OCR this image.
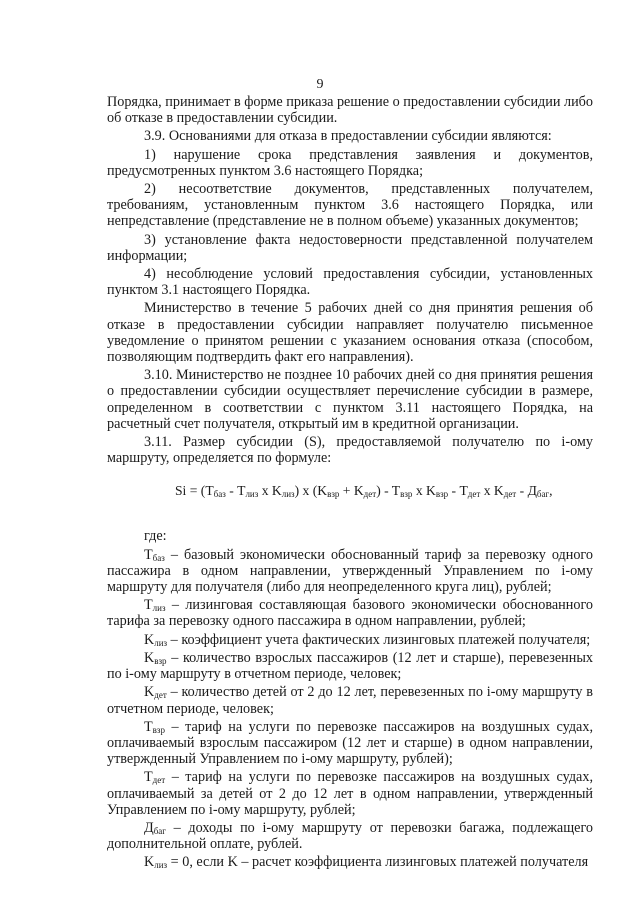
9

Порядка, принимает в форме приказа решение о предоставлении субсидии либо об отказе в предоставлении субсидии.

3.9. Основаниями для отказа в предоставлении субсидии являются:

1) нарушение срока представления заявления и документов, предусмотренных пунктом 3.6 настоящего Порядка;

2) несоответствие документов, представленных получателем, требованиям, установленным пунктом 3.6 настоящего Порядка, или непредставление (представление не в полном объеме) указанных документов;

3) установление факта недостоверности представленной получателем информации;

4) несоблюдение условий предоставления субсидии, установленных пунктом 3.1 настоящего Порядка.

Министерство в течение 5 рабочих дней со дня принятия решения об отказе в предоставлении субсидии направляет получателю письменное уведомление о принятом решении с указанием основания отказа (способом, позволяющим подтвердить факт его направления).

3.10. Министерство не позднее 10 рабочих дней со дня принятия решения о предоставлении субсидии осуществляет перечисление субсидии в размере, определенном в соответствии с пунктом 3.11 настоящего Порядка, на расчетный счет получателя, открытый им в кредитной организации.

3.11. Размер субсидии (S), предоставляемой получателю по i-ому маршруту, определяется по формуле:

$Si = (T_{баз} - T_{лиз}$ x $K_{лиз}$) x $(K_{взр} + K_{дет}) - T_{взр}$ x $K_{взр} - T_{дет}$ x $K_{дет} - Д_{баг}$,

где:

$T_{баз}$ – базовый экономически обоснованный тариф за перевозку одного пассажира в одном направлении, утвержденный Управлением по i-ому маршруту для получателя (либо для неопределенного круга лиц), рублей;

$T_{лиз}$ – лизинговая составляющая базового экономически обоснованного тарифа за перевозку одного пассажира в одном направлении, рублей;

$K_{лиз}$ – коэффициент учета фактических лизинговых платежей получателя;

$K_{взр}$ – количество взрослых пассажиров (12 лет и старше), перевезенных по i-ому маршруту в отчетном периоде, человек;

$K_{дет}$ – количество детей от 2 до 12 лет, перевезенных по i-ому маршруту в отчетном периоде, человек;

$T_{взр}$ – тариф на услуги по перевозке пассажиров на воздушных судах, оплачиваемый взрослым пассажиром (12 лет и старше) в одном направлении, утвержденный Управлением по i-ому маршруту, рублей);

$T_{дет}$ – тариф на услуги по перевозке пассажиров на воздушных судах, оплачиваемый за детей от 2 до 12 лет в одном направлении, утвержденный Управлением по i-ому маршруту, рублей;

$Д_{баг}$ – доходы по i-ому маршруту от перевозки багажа, подлежащего дополнительной оплате, рублей.

$K_{лиз} = 0$, если K – расчет коэффициента лизинговых платежей получателя
